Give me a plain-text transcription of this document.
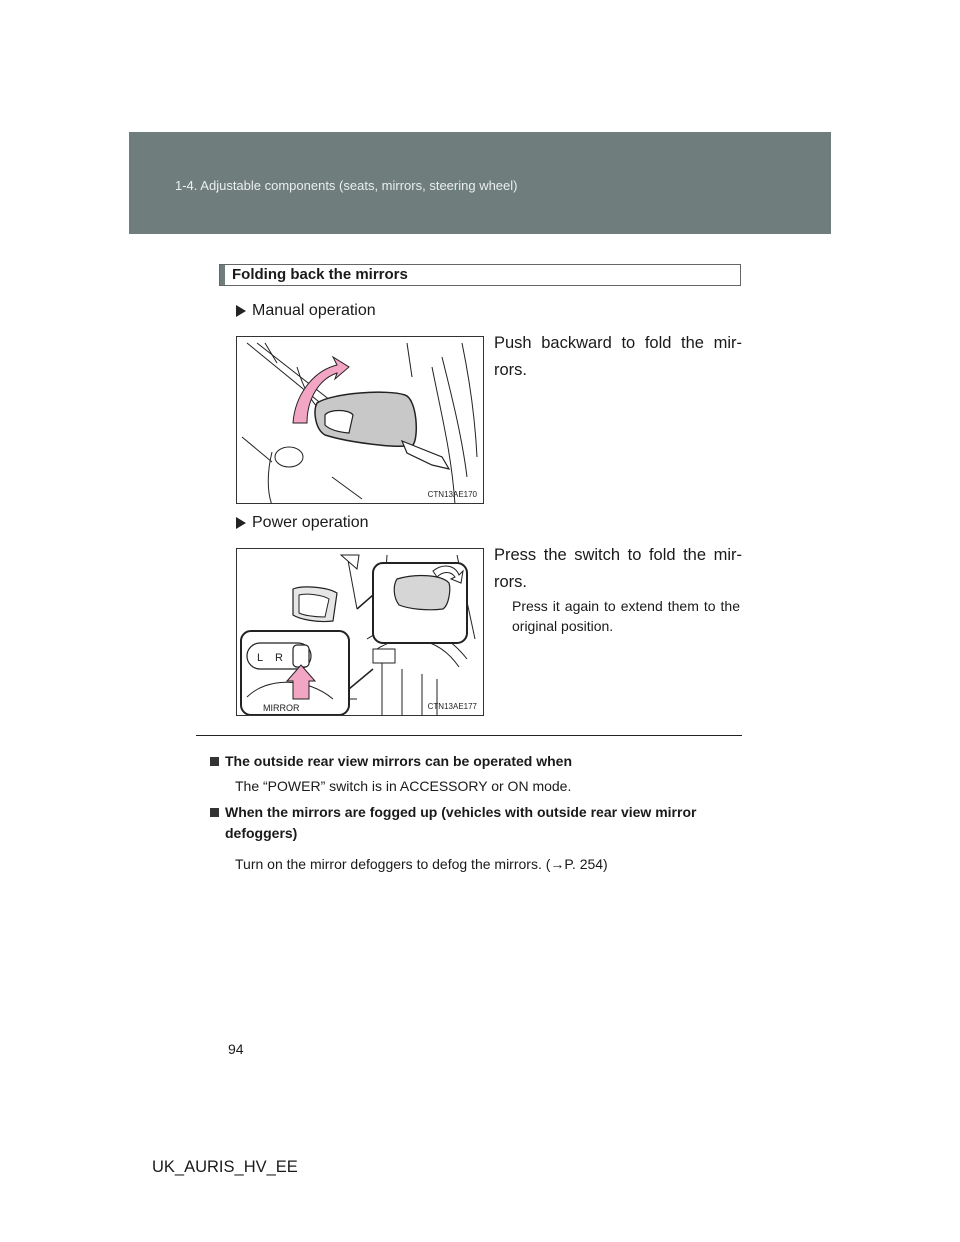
1-4. Adjustable components (seats, mirrors, steering wheel)
Folding back the mirrors
Manual operation
CTN13AE170
Push backward to fold the mir-rors.
Power operation
L R
MIRROR	CTN13AE177
Press the switch to fold the mir-rors.
Press it again to extend them to the original position.
The outside rear view mirrors can be operated when
The “POWER” switch is in ACCESSORY or ON mode.
When the mirrors are fogged up (vehicles with outside rear view mirror defoggers)
Turn on the mirror defoggers to defog the mirrors. (→P. 254)
94
UK_AURIS_HV_EE
